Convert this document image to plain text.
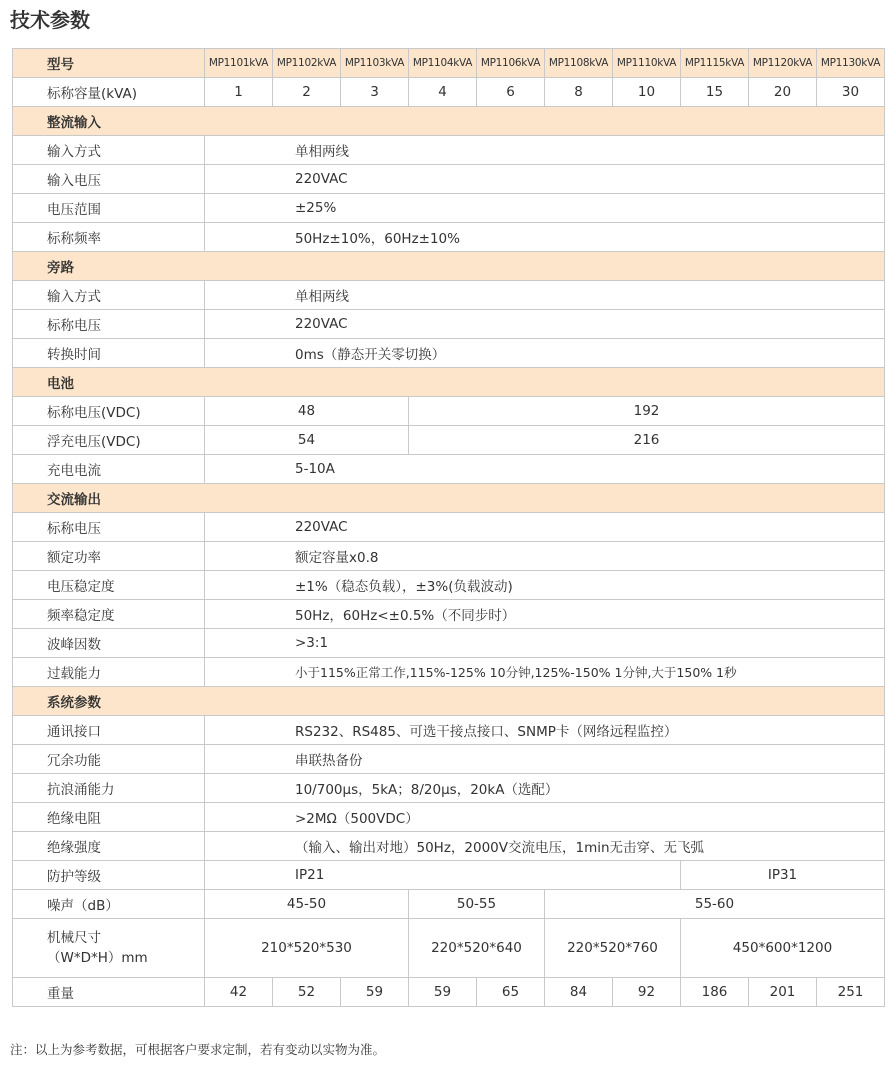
技术参数
型号	MP1101kVA	MP1102kVA	MP1103kVA	MP1104kVA	MP1106kVA	MP1108kVA	MP1110kVA	MP1115kVA	MP1120kVA	MP1130kVA
标称容量(kVA)	1	2	3	4	6	8	10	15	20	30
整流输入										
输入方式	单相两线									
输入电压	220VAC									
电压范围	±25%									
标称频率	50Hz±10%，60Hz±10%									
旁路										
输入方式	单相两线									
标称电压	220VAC									
转换时间	0ms（静态开关零切换）									
电池										
标称电压(VDC)	48			192						
浮充电压(VDC)	54			216						
充电电流	5-10A									
交流输出										
标称电压	220VAC									
额定功率	额定容量x0.8									
电压稳定度	±1%（稳态负载），±3%(负载波动)									
频率稳定度	50Hz，60Hz<±0.5%（不同步时）									
波峰因数	>3:1									
过载能力	小于115%正常工作,115%-125% 10分钟,125%-150% 1分钟,大于150% 1秒									
系统参数										
通讯接口	RS232、RS485、可选干接点接口、SNMP卡（网络远程监控）									
冗余功能	串联热备份									
抗浪涌能力	10/700μs，5kA；8/20μs，20kA（选配）									
绝缘电阻	>2MΩ（500VDC）									
绝缘强度	（输入、输出对地）50Hz，2000V交流电压，1min无击穿、无飞弧									
防护等级	IP21							IP31		
噪声（dB）	45-50			50-55		55-60				

机械尺寸
（W*D*H）mm	210*520*530			220*520*640		220*520*760		450*600*1200		
重量	42	52	59	59	65	84	92	186	201	251
注：以上为参考数据，可根据客户要求定制，若有变动以实物为准。
